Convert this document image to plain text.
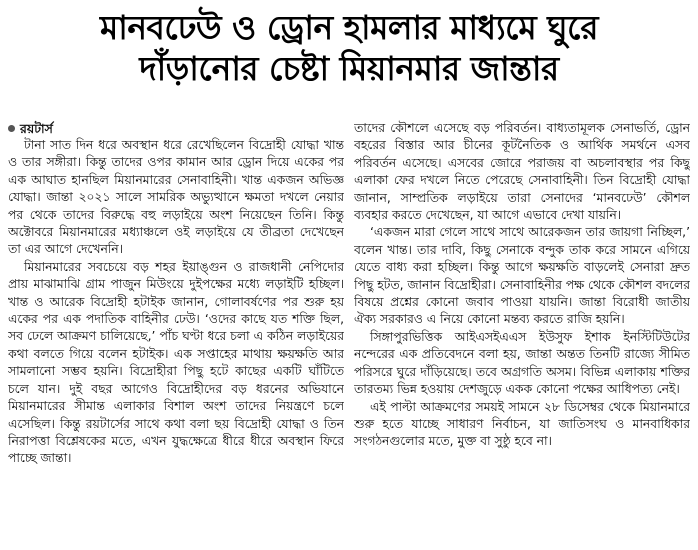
মানবঢেউ ও ড্রোন হামলার মাধ্যমে ঘুরে
দাঁড়ানোর চেষ্টা মিয়ানমার জান্তার
রয়টার্স

টানা সাত দিন ধরে অবস্থান ধরে রেখেছিলেন বিদ্রোহী যোদ্ধা খান্ত ও তার সঙ্গীরা। কিন্তু তাদের ওপর কামান আর ড্রোন দিয়ে একের পর এক আঘাত হানছিল মিয়ানমারের সেনাবাহিনী। খান্ত একজন অভিজ্ঞ যোদ্ধা। জান্তা ২০২১ সালে সামরিক অভ্যুত্থানে ক্ষমতা দখলে নেয়ার পর থেকে তাদের বিরুদ্ধে বহু লড়াইয়ে অংশ নিয়েছেন তিনি। কিন্তু অক্টোবরে মিয়ানমারের মধ্যাঞ্চলে ওই লড়াইয়ে যে তীব্রতা দেখেছেন তা এর আগে দেখেননি।

মিয়ানমারের সবচেয়ে বড় শহর ইয়াঙ্গুন ও রাজধানী নেপিদোর প্রায় মাঝামাঝি গ্রাম পাজুন মিউংয়ে দুইপক্ষের মধ্যে লড়াইটি হচ্ছিল। খান্ত ও আরেক বিদ্রোহী হটাইক জানান, গোলাবর্ষণের পর শুরু হয় একের পর এক পদাতিক বাহিনীর ঢেউ। ‘ওদের কাছে যত শক্তি ছিল, সব ঢেলে আক্রমণ চালিয়েছে,’ পাঁচ ঘণ্টা ধরে চলা এ কঠিন লড়াইয়ের কথা বলতে গিয়ে বলেন হটাইক। এক সপ্তাহের মাথায় ক্ষয়ক্ষতি আর সামলানো সম্ভব হয়নি। বিদ্রোহীরা পিছু হটে কাছের একটি ঘাঁটিতে চলে যান। দুই বছর আগেও বিদ্রোহীদের বড় ধরনের অভিযানে মিয়ানমারের সীমান্ত এলাকার বিশাল অংশ তাদের নিয়ন্ত্রণে চলে এসেছিল। কিন্তু রয়টার্সের সাথে কথা বলা ছয় বিদ্রোহী যোদ্ধা ও তিন নিরাপত্তা বিশ্লেষকের মতে, এখন যুদ্ধক্ষেত্রে ধীরে ধীরে অবস্থান ফিরে পাচ্ছে জান্তা।

তাদের কৌশলে এসেছে বড় পরিবর্তন। বাধ্যতামূলক সেনাভর্তি, ড্রোন বহরের বিস্তার আর চীনের কূটনৈতিক ও আর্থিক সমর্থনে এসব পরিবর্তন এসেছে। এসবের জোরে পরাজয় বা অচলাবস্থার পর কিছু এলাকা ফের দখলে নিতে পেরেছে সেনাবাহিনী। তিন বিদ্রোহী যোদ্ধা জানান, সাম্প্রতিক লড়াইয়ে তারা সেনাদের ‘মানবঢেউ’ কৌশল ব্যবহার করতে দেখেছেন, যা আগে এভাবে দেখা যায়নি।

‘একজন মারা গেলে সাথে সাথে আরেকজন তার জায়গা নিচ্ছিল,’ বলেন খান্ত। তার দাবি, কিছু সেনাকে বন্দুক তাক করে সামনে এগিয়ে যেতে বাধ্য করা হচ্ছিল। কিন্তু আগে ক্ষয়ক্ষতি বাড়লেই সেনারা দ্রুত পিছু হটত, জানান বিদ্রোহীরা। সেনাবাহিনীর পক্ষ থেকে কৌশল বদলের বিষয়ে প্রশ্নের কোনো জবাব পাওয়া যায়নি। জান্তা বিরোধী জাতীয় ঐক্য সরকারও এ নিয়ে কোনো মন্তব্য করতে রাজি হয়নি।

সিঙ্গাপুরভিত্তিক আইএসইএএস ইউসুফ ইশাক ইনস্টিটিউটের নন্দেরের এক প্রতিবেদনে বলা হয়, জান্তা অন্তত তিনটি রাজ্যে সীমিত পরিসরে ঘুরে দাঁড়িয়েছে। তবে অগ্রগতি অসম। বিভিন্ন এলাকায় শক্তির তারতম্য ভিন্ন হওয়ায় দেশজুড়ে একক কোনো পক্ষের আধিপত্য নেই।

এই পাল্টা আক্রমণের সময়ই সামনে ২৮ ডিসেম্বর থেকে মিয়ানমারে শুরু হতে যাচ্ছে সাধারণ নির্বাচন, যা জাতিসংঘ ও মানবাধিকার সংগঠনগুলোর মতে, মুক্ত বা সুষ্ঠু হবে না।
